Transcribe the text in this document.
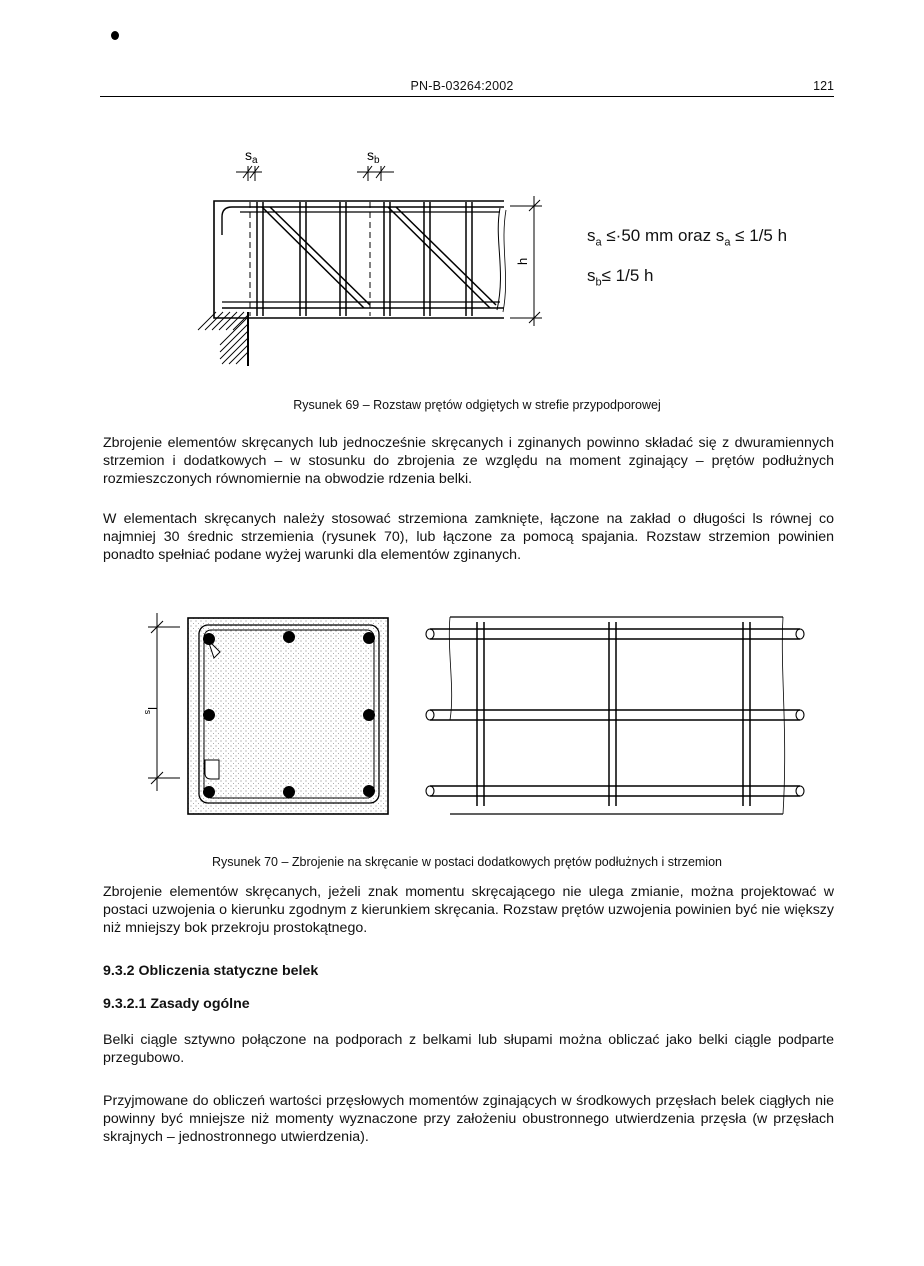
PN-B-03264:2002	121
$s_a$	$s_b$
h
$s_a \le\cdot 50$ mm oraz $s_a \le 1/5$ h
$s_b\le 1/5$ h
Rysunek 69 – Rozstaw prętów odgiętych w strefie przypodporowej

Zbrojenie elementów skręcanych lub jednocześnie skręcanych i zginanych powinno składać się z dwuramiennych strzemion i dodatkowych – w stosunku do zbrojenia ze względu na moment zginający – prętów podłużnych rozmieszczonych równomiernie na obwodzie rdzenia belki.

W elementach skręcanych należy stosować strzemiona zamknięte, łączone na zakład o długości ls równej co najmniej 30 średnic strzemienia (rysunek 70), lub łączone za pomocą spajania. Rozstaw strzemion powinien ponadto spełniać podane wyżej warunki dla elementów zginanych.

$l_s$
Rysunek 70 – Zbrojenie na skręcanie w postaci dodatkowych prętów podłużnych i strzemion

Zbrojenie elementów skręcanych, jeżeli znak momentu skręcającego nie ulega zmianie, można projektować w postaci uzwojenia o kierunku zgodnym z kierunkiem skręcania. Rozstaw prętów uzwojenia powinien być nie większy niż mniejszy bok przekroju prostokątnego.

9.3.2 Obliczenia statyczne belek
9.3.2.1 Zasady ogólne

Belki ciągle sztywno połączone na podporach z belkami lub słupami można obliczać jako belki ciągle podparte przegubowo.

Przyjmowane do obliczeń wartości przęsłowych momentów zginających w środkowych przęsłach belek ciągłych nie powinny być mniejsze niż momenty wyznaczone przy założeniu obustronnego utwierdzenia przęsła (w przęsłach skrajnych – jednostronnego utwierdzenia).
